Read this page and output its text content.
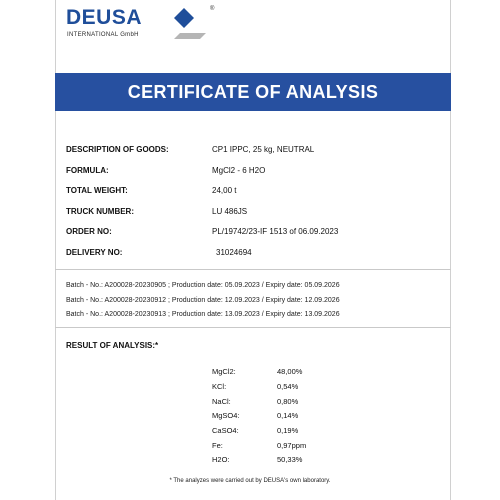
DEUSA
INTERNATIONAL GmbH
®
CERTIFICATE OF ANALYSIS
DESCRIPTION OF GOODS:	CP1 IPPC, 25 kg, NEUTRAL
FORMULA:	MgCl2 - 6 H2O
TOTAL WEIGHT:	24,00 t
TRUCK NUMBER:	LU 486JS
ORDER NO:	PL/19742/23-IF 1513 of 06.09.2023
DELIVERY NO:	31024694
Batch - No.: A200028-20230905 ; Production date: 05.09.2023 / Expiry date: 05.09.2026
Batch - No.: A200028-20230912 ; Production date: 12.09.2023 / Expiry date: 12.09.2026
Batch - No.: A200028-20230913 ; Production date: 13.09.2023 / Expiry date: 13.09.2026
RESULT OF ANALYSIS:*
MgCl2:	48,00%
KCl:	0,54%
NaCl:	0,80%
MgSO4:	0,14%
CaSO4:	0,19%
Fe:	0,97ppm
H2O:	50,33%
* The analyzes were carried out by DEUSA's own laboratory.
